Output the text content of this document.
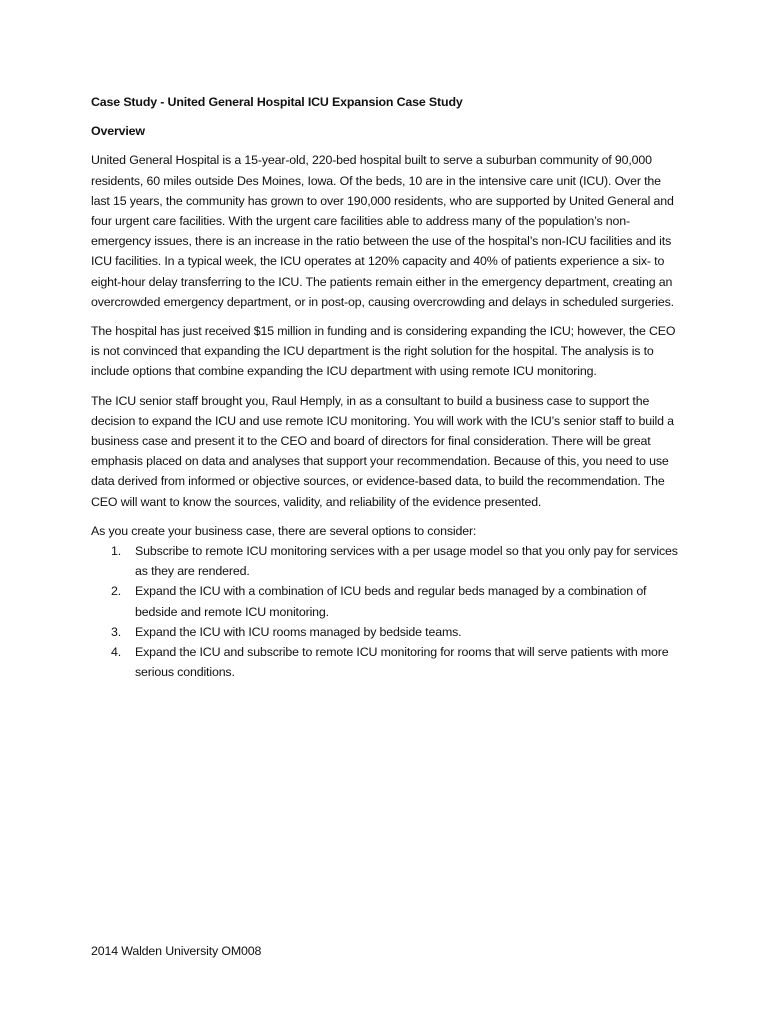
Case Study - United General Hospital ICU Expansion Case Study
Overview

United General Hospital is a 15-year-old, 220-bed hospital built to serve a suburban community of 90,000 residents, 60 miles outside Des Moines, Iowa. Of the beds, 10 are in the intensive care unit (ICU). Over the last 15 years, the community has grown to over 190,000 residents, who are supported by United General and four urgent care facilities. With the urgent care facilities able to address many of the population’s non-emergency issues, there is an increase in the ratio between the use of the hospital’s non-ICU facilities and its ICU facilities. In a typical week, the ICU operates at 120% capacity and 40% of patients experience a six- to eight-hour delay transferring to the ICU. The patients remain either in the emergency department, creating an overcrowded emergency department, or in post-op, causing overcrowding and delays in scheduled surgeries.

The hospital has just received $15 million in funding and is considering expanding the ICU; however, the CEO is not convinced that expanding the ICU department is the right solution for the hospital. The analysis is to include options that combine expanding the ICU department with using remote ICU monitoring.

The ICU senior staff brought you, Raul Hemply, in as a consultant to build a business case to support the decision to expand the ICU and use remote ICU monitoring. You will work with the ICU’s senior staff to build a business case and present it to the CEO and board of directors for final consideration. There will be great emphasis placed on data and analyses that support your recommendation. Because of this, you need to use data derived from informed or objective sources, or evidence-based data, to build the recommendation. The CEO will want to know the sources, validity, and reliability of the evidence presented.

As you create your business case, there are several options to consider:

1. Subscribe to remote ICU monitoring services with a per usage model so that you only pay for services as they are rendered.
2. Expand the ICU with a combination of ICU beds and regular beds managed by a combination of bedside and remote ICU monitoring.
3. Expand the ICU with ICU rooms managed by bedside teams.
4. Expand the ICU and subscribe to remote ICU monitoring for rooms that will serve patients with more serious conditions.
2014 Walden University OM008
